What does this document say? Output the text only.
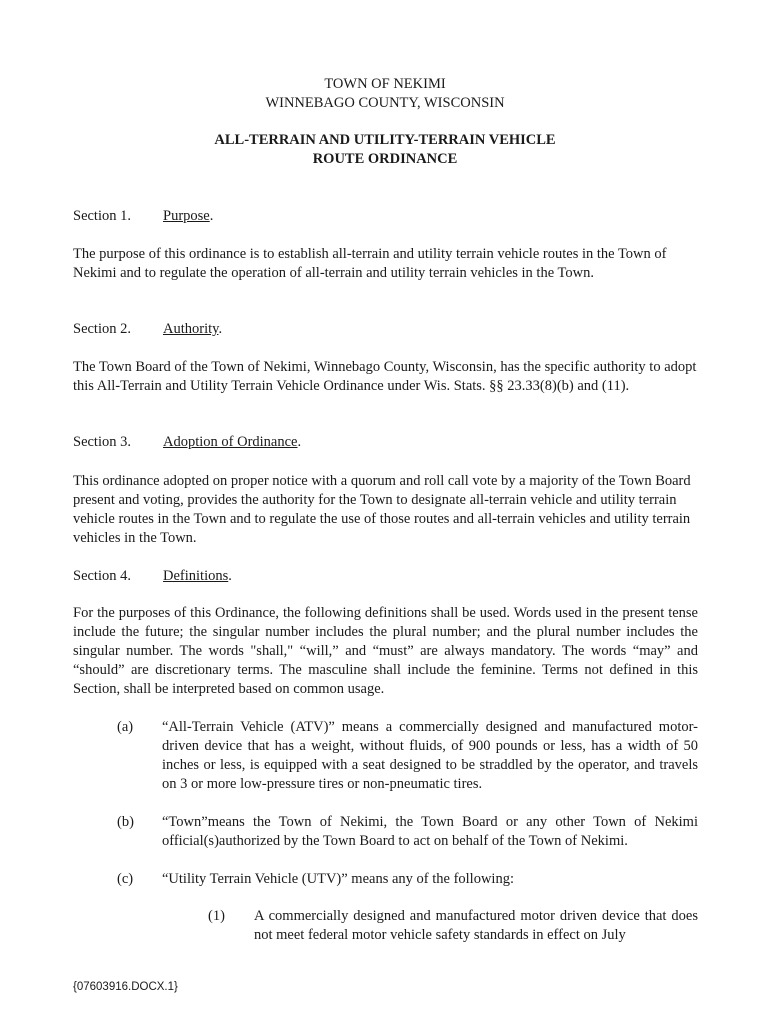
TOWN OF NEKIMI
WINNEBAGO COUNTY, WISCONSIN
ALL-TERRAIN AND UTILITY-TERRAIN VEHICLE
ROUTE ORDINANCE
Section 1. Purpose.
The purpose of this ordinance is to establish all-terrain and utility terrain vehicle routes in the Town of Nekimi and to regulate the operation of all-terrain and utility terrain vehicles in the Town.
Section 2. Authority.
The Town Board of the Town of Nekimi, Winnebago County, Wisconsin, has the specific authority to adopt this All-Terrain and Utility Terrain Vehicle Ordinance under Wis. Stats. §§ 23.33(8)(b) and (11).
Section 3. Adoption of Ordinance.
This ordinance adopted on proper notice with a quorum and roll call vote by a majority of the Town Board present and voting, provides the authority for the Town to designate all-terrain vehicle and utility terrain vehicle routes in the Town and to regulate the use of those routes and all-terrain vehicles and utility terrain vehicles in the Town.
Section 4. Definitions.
For the purposes of this Ordinance, the following definitions shall be used. Words used in the present tense include the future; the singular number includes the plural number; and the plural number includes the singular number. The words "shall," “will,” and “must” are always mandatory. The words “may” and “should” are discretionary terms. The masculine shall include the feminine. Terms not defined in this Section, shall be interpreted based on common usage.
(a) “All-Terrain Vehicle (ATV)” means a commercially designed and manufactured motor-driven device that has a weight, without fluids, of 900 pounds or less, has a width of 50 inches or less, is equipped with a seat designed to be straddled by the operator, and travels on 3 or more low-pressure tires or non-pneumatic tires.
(b) “Town”means the Town of Nekimi, the Town Board or any other Town of Nekimi official(s)authorized by the Town Board to act on behalf of the Town of Nekimi.
(c) “Utility Terrain Vehicle (UTV)” means any of the following:
(1) A commercially designed and manufactured motor driven device that does not meet federal motor vehicle safety standards in effect on July
{07603916.DOCX.1}
